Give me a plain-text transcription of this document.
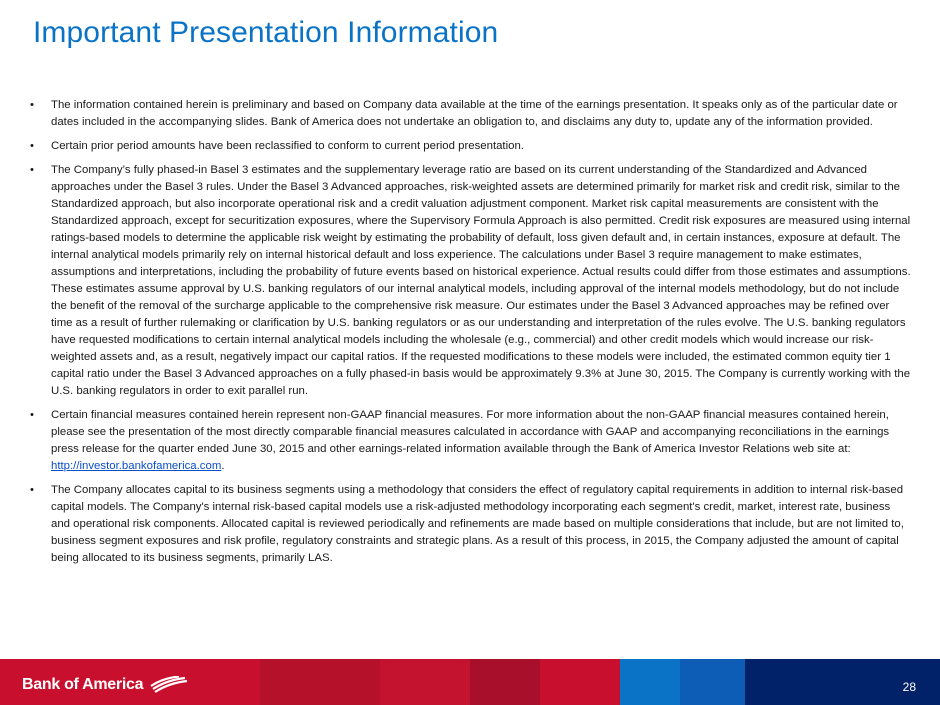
Important Presentation Information
• The information contained herein is preliminary and based on Company data available at the time of the earnings presentation. It speaks only as of the particular date or dates included in the accompanying slides. Bank of America does not undertake an obligation to, and disclaims any duty to, update any of the information provided.
• Certain prior period amounts have been reclassified to conform to current period presentation.
• The Company’s fully phased-in Basel 3 estimates and the supplementary leverage ratio are based on its current understanding of the Standardized and Advanced approaches under the Basel 3 rules. Under the Basel 3 Advanced approaches, risk-weighted assets are determined primarily for market risk and credit risk, similar to the Standardized approach, but also incorporate operational risk and a credit valuation adjustment component. Market risk capital measurements are consistent with the Standardized approach, except for securitization exposures, where the Supervisory Formula Approach is also permitted. Credit risk exposures are measured using internal ratings-based models to determine the applicable risk weight by estimating the probability of default, loss given default and, in certain instances, exposure at default. The internal analytical models primarily rely on internal historical default and loss experience. The calculations under Basel 3 require management to make estimates, assumptions and interpretations, including the probability of future events based on historical experience. Actual results could differ from those estimates and assumptions. These estimates assume approval by U.S. banking regulators of our internal analytical models, including approval of the internal models methodology, but do not include the benefit of the removal of the surcharge applicable to the comprehensive risk measure. Our estimates under the Basel 3 Advanced approaches may be refined over time as a result of further rulemaking or clarification by U.S. banking regulators or as our understanding and interpretation of the rules evolve. The U.S. banking regulators have requested modifications to certain internal analytical models including the wholesale (e.g., commercial) and other credit models which would increase our risk-weighted assets and, as a result, negatively impact our capital ratios. If the requested modifications to these models were included, the estimated common equity tier 1 capital ratio under the Basel 3 Advanced approaches on a fully phased-in basis would be approximately 9.3% at June 30, 2015. The Company is currently working with the U.S. banking regulators in order to exit parallel run.
• Certain financial measures contained herein represent non-GAAP financial measures. For more information about the non-GAAP financial measures contained herein, please see the presentation of the most directly comparable financial measures calculated in accordance with GAAP and accompanying reconciliations in the earnings press release for the quarter ended June 30, 2015 and other earnings-related information available through the Bank of America Investor Relations web site at: http://investor.bankofamerica.com.
• The Company allocates capital to its business segments using a methodology that considers the effect of regulatory capital requirements in addition to internal risk-based capital models. The Company's internal risk-based capital models use a risk-adjusted methodology incorporating each segment's credit, market, interest rate, business and operational risk components. Allocated capital is reviewed periodically and refinements are made based on multiple considerations that include, but are not limited to, business segment exposures and risk profile, regulatory constraints and strategic plans. As a result of this process, in 2015, the Company adjusted the amount of capital being allocated to its business segments, primarily LAS.
Bank of America	28
